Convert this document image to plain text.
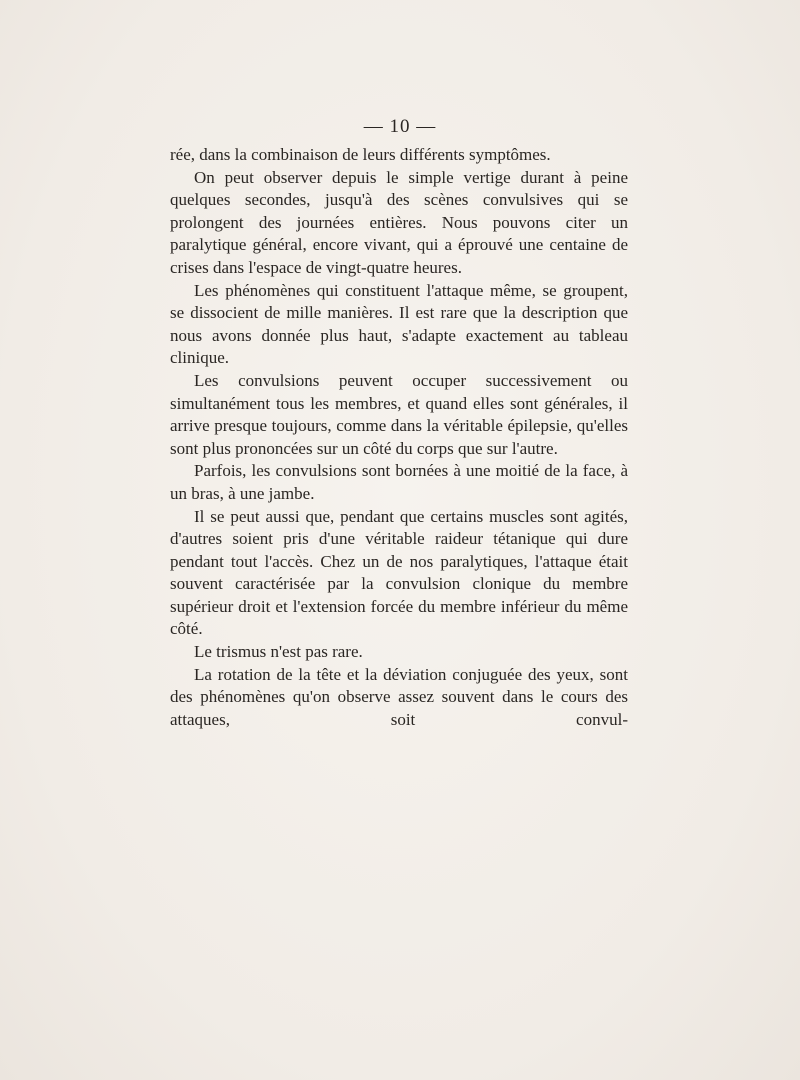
— 10 —

rée, dans la combinaison de leurs différents symptômes.

On peut observer depuis le simple vertige durant à peine quelques secondes, jusqu'à des scènes convulsives qui se prolongent des journées entières. Nous pouvons citer un paralytique général, encore vivant, qui a éprouvé une centaine de crises dans l'espace de vingt-quatre heures.

Les phénomènes qui constituent l'attaque même, se groupent, se dissocient de mille manières. Il est rare que la description que nous avons donnée plus haut, s'adapte exactement au tableau clinique.

Les convulsions peuvent occuper successivement ou simultanément tous les membres, et quand elles sont générales, il arrive presque toujours, comme dans la véritable épilepsie, qu'elles sont plus prononcées sur un côté du corps que sur l'autre.

Parfois, les convulsions sont bornées à une moitié de la face, à un bras, à une jambe.

Il se peut aussi que, pendant que certains muscles sont agités, d'autres soient pris d'une véritable raideur tétanique qui dure pendant tout l'accès. Chez un de nos paralytiques, l'attaque était souvent caractérisée par la convulsion clonique du membre supérieur droit et l'extension forcée du membre inférieur du même côté.

Le trismus n'est pas rare.

La rotation de la tête et la déviation conjuguée des yeux, sont des phénomènes qu'on observe assez souvent dans le cours des attaques, soit convul-
